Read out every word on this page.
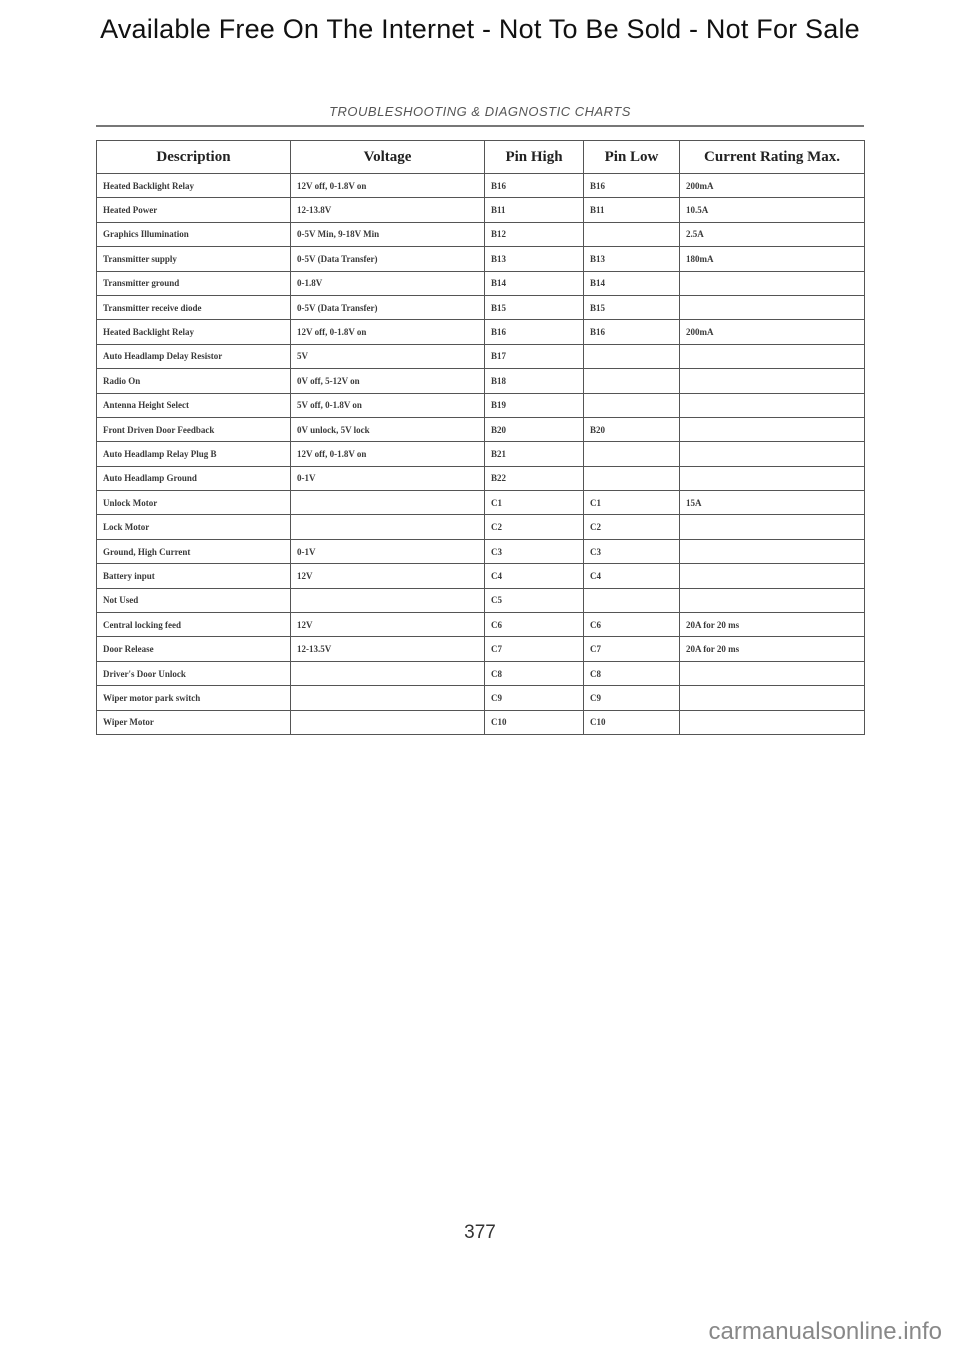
Available Free On The Internet - Not To Be Sold - Not For Sale
TROUBLESHOOTING & DIAGNOSTIC CHARTS
Description	Voltage	Pin High	Pin Low	Current Rating Max.
Heated Backlight Relay	12V off, 0-1.8V on	B16	B16	200mA
Heated Power	12-13.8V	B11	B11	10.5A
Graphics Illumination	0-5V Min, 9-18V Min	B12		2.5A
Transmitter supply	0-5V (Data Transfer)	B13	B13	180mA
Transmitter ground	0-1.8V	B14	B14	
Transmitter receive diode	0-5V (Data Transfer)	B15	B15	
Heated Backlight Relay	12V off, 0-1.8V on	B16	B16	200mA
Auto Headlamp Delay Resistor	5V	B17		
Radio On	0V off, 5-12V on	B18		
Antenna Height Select	5V off, 0-1.8V on	B19		
Front Driven Door Feedback	0V unlock, 5V lock	B20	B20	
Auto Headlamp Relay Plug B	12V off, 0-1.8V on	B21		
Auto Headlamp Ground	0-1V	B22		
Unlock Motor		C1	C1	15A
Lock Motor		C2	C2	
Ground, High Current	0-1V	C3	C3	
Battery input	12V	C4	C4	
Not Used		C5		
Central locking feed	12V	C6	C6	20A for 20 ms
Door Release	12-13.5V	C7	C7	20A for 20 ms
Driver's Door Unlock		C8	C8	
Wiper motor park switch		C9	C9	
Wiper Motor		C10	C10	
377
carmanualsonline.info
